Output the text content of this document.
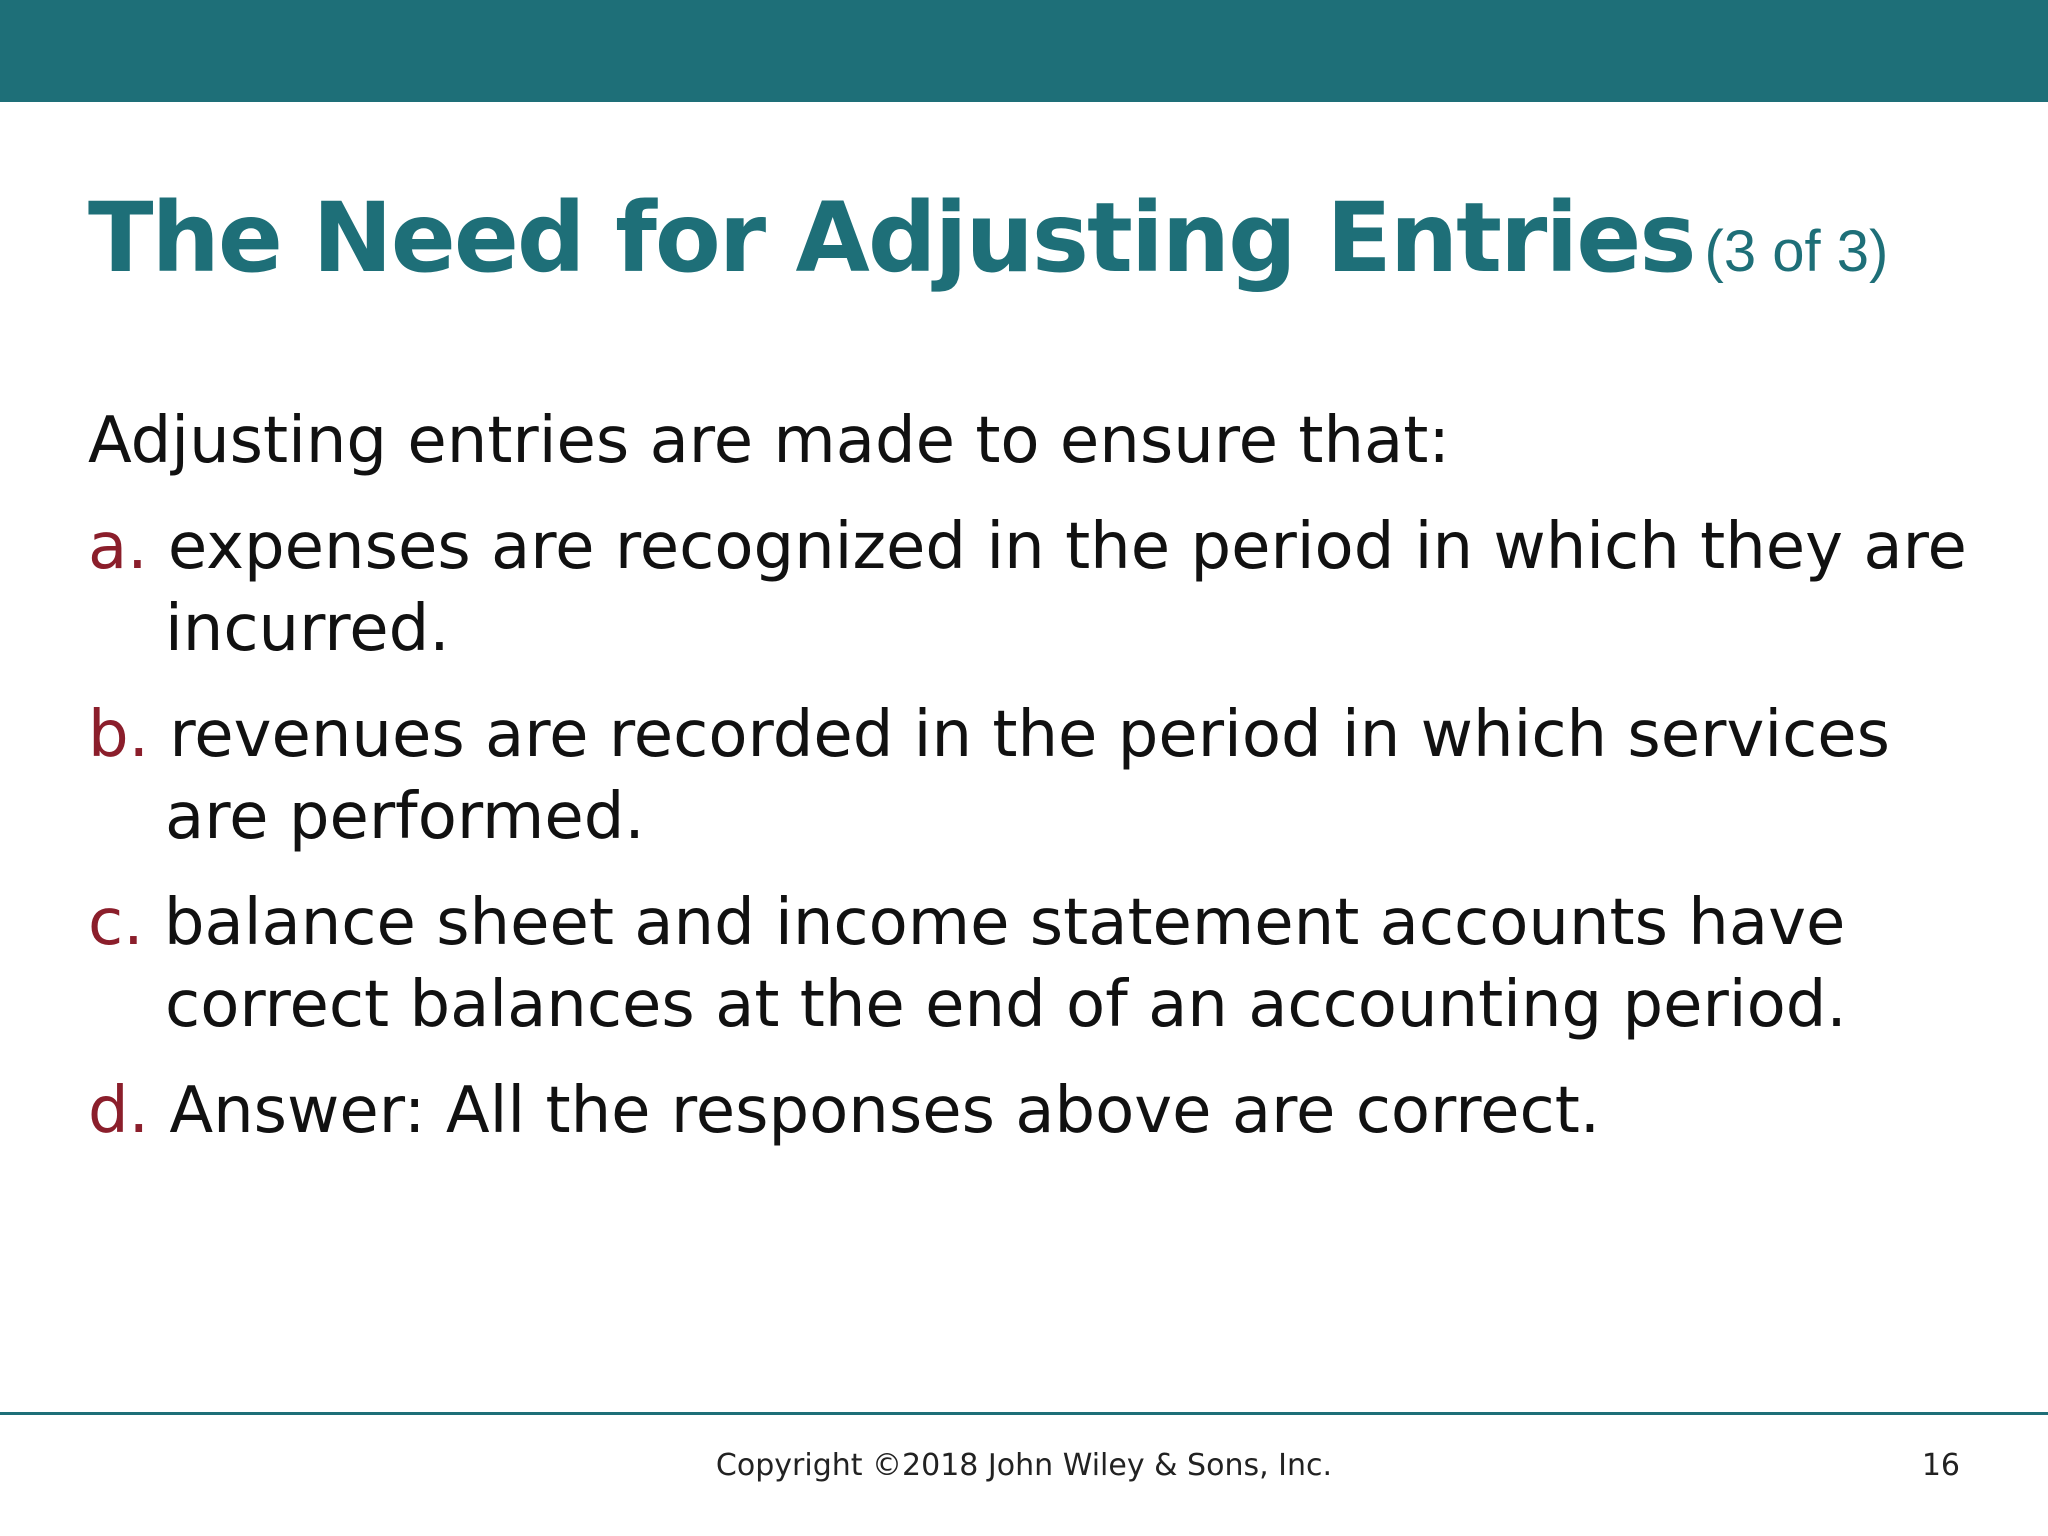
The Need for Adjusting Entries (3 of 3)

Adjusting entries are made to ensure that:

a. expenses are recognized in the period in which they are incurred.

b. revenues are recorded in the period in which services are performed.

c. balance sheet and income statement accounts have correct balances at the end of an accounting period.

d. Answer: All the responses above are correct.

Copyright ©2018 John Wiley & Sons, Inc.	16
